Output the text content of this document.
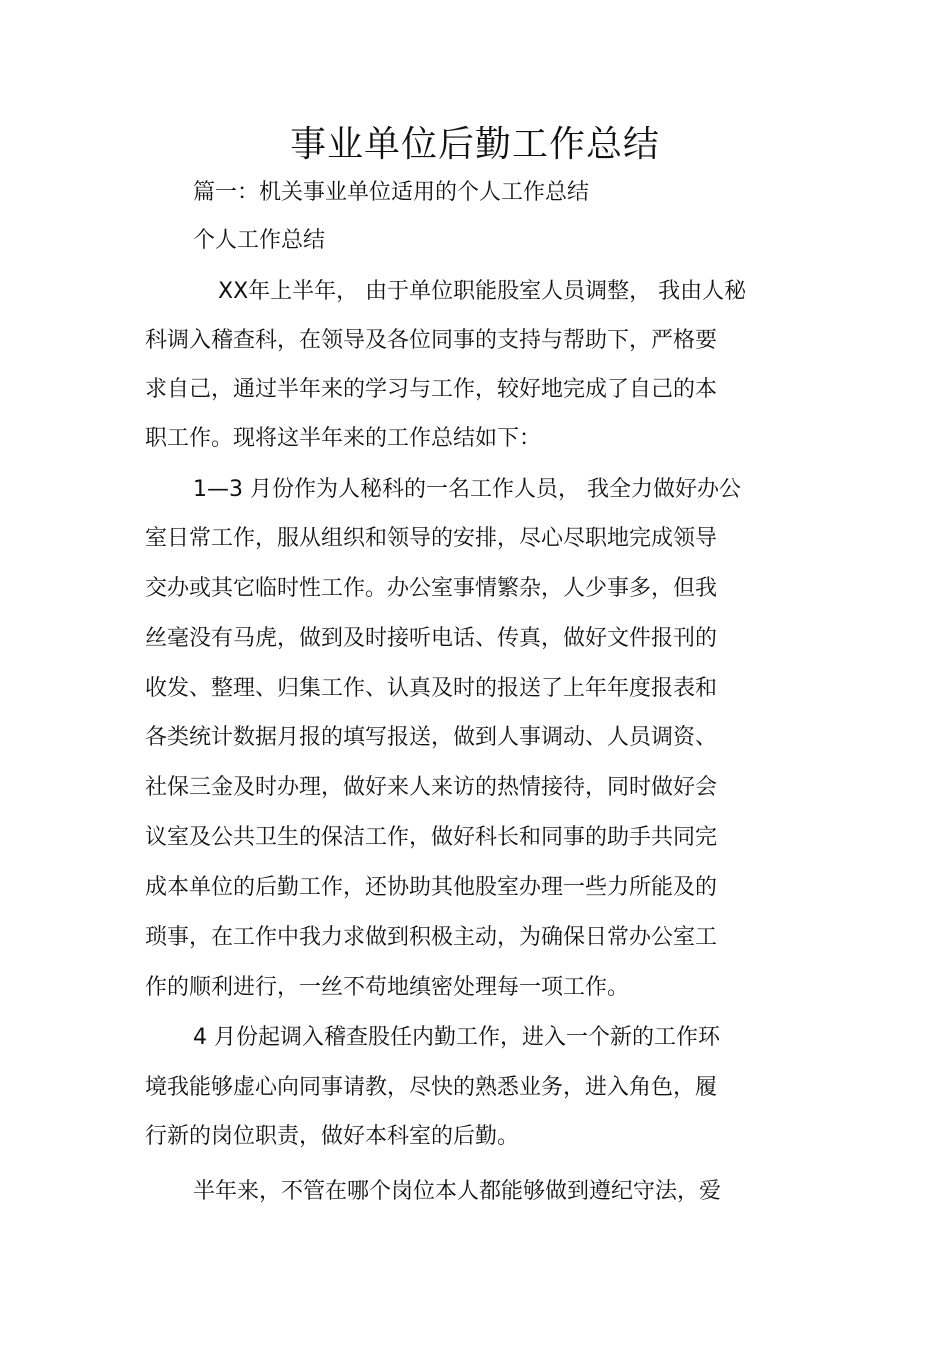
事业单位后勤工作总结

篇一：机关事业单位适用的个人工作总结

个人工作总结

XX年上半年， 由于单位职能股室人员调整， 我由人秘

科调入稽查科，在领导及各位同事的支持与帮助下，严格要

求自己，通过半年来的学习与工作，较好地完成了自己的本

职工作。现将这半年来的工作总结如下：

1—3 月份作为人秘科的一名工作人员， 我全力做好办公

室日常工作，服从组织和领导的安排，尽心尽职地完成领导

交办或其它临时性工作。办公室事情繁杂，人少事多，但我

丝毫没有马虎，做到及时接听电话、传真，做好文件报刊的

收发、整理、归集工作、认真及时的报送了上年年度报表和

各类统计数据月报的填写报送，做到人事调动、人员调资、

社保三金及时办理，做好来人来访的热情接待，同时做好会

议室及公共卫生的保洁工作，做好科长和同事的助手共同完

成本单位的后勤工作，还协助其他股室办理一些力所能及的

琐事，在工作中我力求做到积极主动，为确保日常办公室工

作的顺利进行，一丝不苟地缜密处理每一项工作。

4 月份起调入稽查股任内勤工作，进入一个新的工作环

境我能够虚心向同事请教，尽快的熟悉业务，进入角色，履

行新的岗位职责，做好本科室的后勤。

半年来，不管在哪个岗位本人都能够做到遵纪守法，爱
